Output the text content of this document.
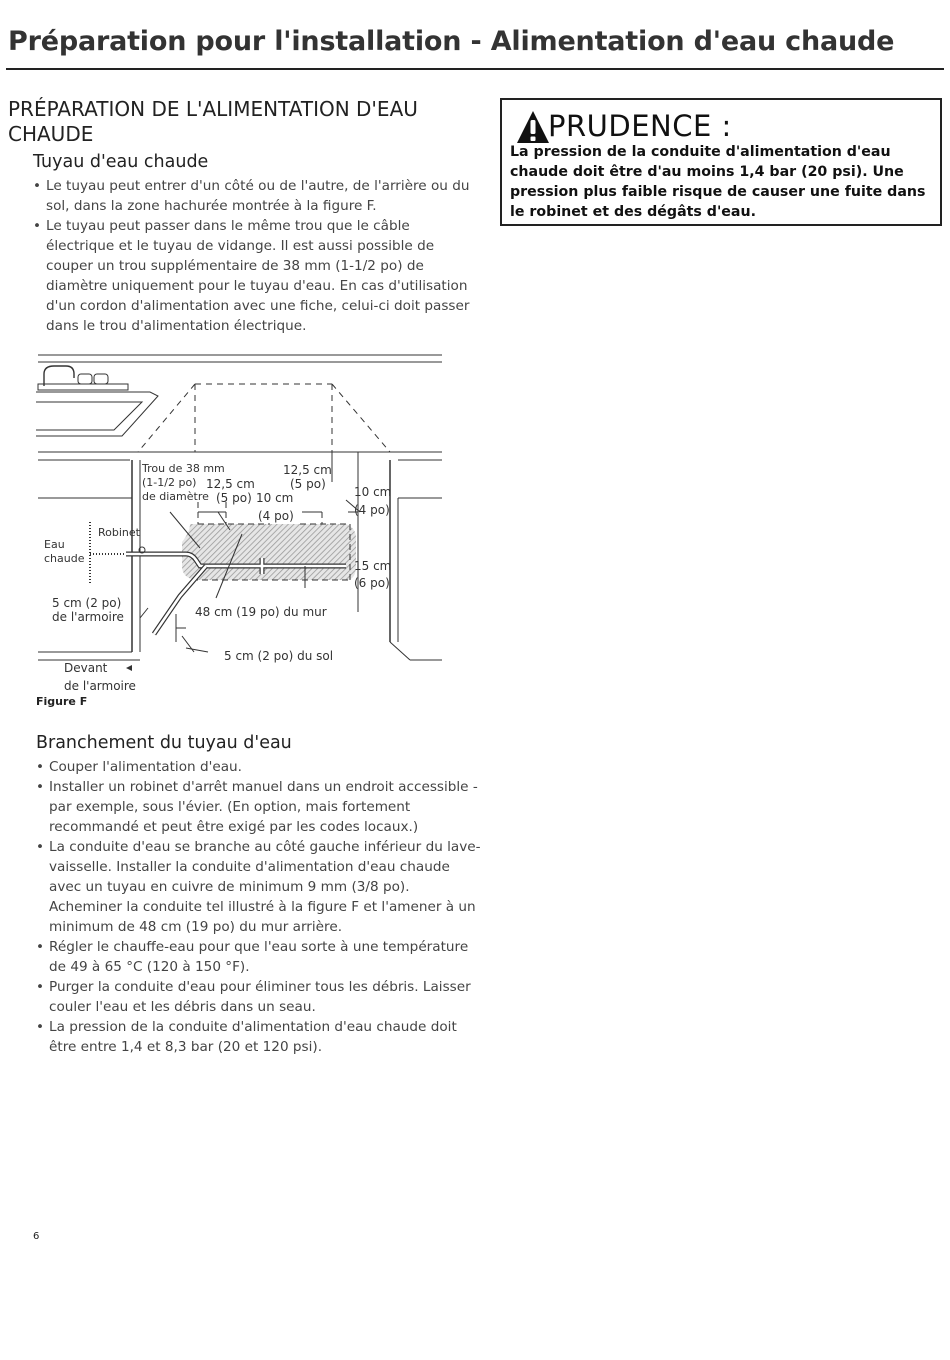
Préparation pour l'installation - Alimentation d'eau chaude
PRÉPARATION DE L'ALIMENTATION D'EAU CHAUDE
Tuyau d'eau chaude
• Le tuyau peut entrer d'un côté ou de l'autre, de l'arrière ou du sol, dans la zone hachurée montrée à la figure F.
• Le tuyau peut passer dans le même trou que le câble électrique et le tuyau de vidange. Il est aussi possible de couper un trou supplémentaire de 38 mm (1-1/2 po) de diamètre uniquement pour le tuyau d'eau. En cas d'utilisation d'un cordon d'alimentation avec une fiche, celui-ci doit passer dans le trou d'alimentation électrique.
PRUDENCE :

La pression de la conduite d'alimentation d'eau chaude doit être d'au moins 1,4 bar (20 psi). Une pression plus faible risque de causer une fuite dans le robinet et des dégâts d'eau.

Trou de 38 mm
(1-1/2 po)
de diamètre
12,5 cm
(5 po)
12,5 cm
(5 po) 10 cm
(4 po)
10 cm
(4 po)
15 cm
(6 po)
Robinet
Eau
chaude
5 cm (2 po)
de l'armoire	48 cm (19 po) du mur
5 cm (2 po) du sol
Devant
de l'armoire
Figure F
Branchement du tuyau d'eau
• Couper l'alimentation d'eau.
• Installer un robinet d'arrêt manuel dans un endroit accessible - par exemple, sous l'évier. (En option, mais fortement recommandé et peut être exigé par les codes locaux.)
• La conduite d'eau se branche au côté gauche inférieur du lave-vaisselle. Installer la conduite d'alimentation d'eau chaude avec un tuyau en cuivre de minimum 9 mm (3/8 po). Acheminer la conduite tel illustré à la figure F et l'amener à un minimum de 48 cm (19 po) du mur arrière.
• Régler le chauffe-eau pour que l'eau sorte à une température de 49 à 65 °C (120 à 150 °F).
• Purger la conduite d'eau pour éliminer tous les débris. Laisser couler l'eau et les débris dans un seau.
• La pression de la conduite d'alimentation d'eau chaude doit être entre 1,4 et 8,3 bar (20 et 120 psi).
6
